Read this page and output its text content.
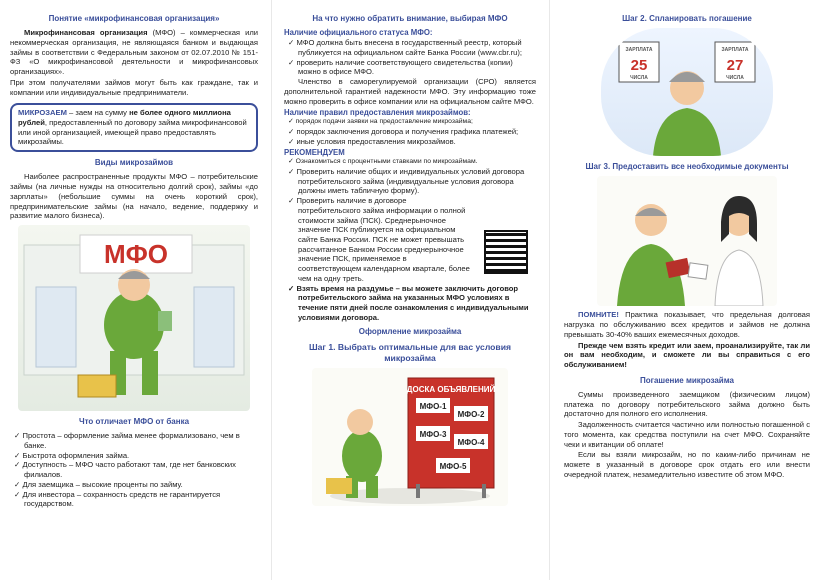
Понятие «микрофинансовая организация»

Микрофинансовая организация (МФО) – коммерческая или некоммерческая организация, не являющаяся банком и выдающая займы в соответствии с Федеральным законом от 02.07.2010 № 151-ФЗ «О микрофинансовой деятельности и микрофинансовых организациях».

При этом получателями займов могут быть как граждане, так и компании или индивидуальные предприниматели.

МИКРОЗАЕМ – заем на сумму не более одного миллиона рублей, предоставленный по договору займа микрофинансовой или иной организацией, имеющей право предоставлять микрозаймы.
Виды микрозаймов

Наиболее распространенные продукты МФО – потребительские займы (на личные нужды на относительно долгий срок), займы «до зарплаты» (небольшие суммы на очень короткий срок), предпринимательские займы (на начало, ведение, поддержку и развитие малого бизнеса).

МФО
Что отличает МФО от банка
✓ Простота – оформление займа менее формализовано, чем в банке.
✓ Быстрота оформления займа.
✓ Доступность – МФО часто работают там, где нет банковских филиалов.
✓ Для заемщика – высокие проценты по займу.
✓ Для инвестора – сохранность средств не гарантируется государством.
На что нужно обратить внимание, выбирая МФО
Наличие официального статуса МФО:
✓ МФО должна быть внесена в государственный реестр, который публикуется на официальном сайте Банка России (www.cbr.ru);
✓ проверить наличие соответствующего свидетельства (копии) можно в офисе МФО.

Членство в саморегулируемой организации (СРО) является дополнительной гарантией надежности МФО. Эту информацию тоже можно проверить в офисе компании или на официальном сайте МФО.

Наличие правил предоставления микрозаймов:
✓ порядок подачи заявки на предоставление микрозайма;
✓ порядок заключения договора и получения графика платежей;
✓ иные условия предоставления микрозаймов.
РЕКОМЕНДУЕМ
✓ Ознакомиться с процентными ставками по микрозаймам.
✓ Проверить наличие общих и индивидуальных условий договора потребительского займа (индивидуальные условия договора должны иметь табличную форму).
✓ Проверить наличие в договоре потребительского займа информации о полной стоимости займа (ПСК). Среднерыночное значение ПСК публикуется на официальном сайте Банка России. ПСК не может превышать рассчитанное Банком России среднерыночное значение ПСК, применяемое в соответствующем календарном квартале, более чем на одну треть.
✓ Взять время на раздумье – вы можете заключить договор потребительского займа на указанных МФО условиях в течение пяти дней после ознакомления с индивидуальными условиями договора.
Оформление микрозайма
Шаг 1. Выбрать оптимальные для вас условия микрозайма
ДОСКА ОБЪЯВЛЕНИЙ
МФО-1
МФО-2
МФО-3
МФО-4
МФО-5
Шаг 2. Спланировать погашение
ЗАРПЛАТА
25
ЧИСЛА
ЗАРПЛАТА
27
ЧИСЛА
Шаг 3. Предоставить все необходимые документы

ПОМНИТЕ! Практика показывает, что предельная долговая нагрузка по обслуживанию всех кредитов и займов не должна превышать 30-40% ваших ежемесячных доходов.

Прежде чем взять кредит или заем, проанализируйте, так ли он вам необходим, и сможете ли вы справиться с его обслуживанием!

Погашение микрозайма

Суммы произведенного заемщиком (физическим лицом) платежа по договору потребительского займа должно быть достаточно для полного его исполнения.

Задолженность считается частично или полностью погашенной с того момента, как средства поступили на счет МФО. Сохраняйте чеки и квитанции об оплате!

Если вы взяли микрозайм, но по каким-либо причинам не можете в указанный в договоре срок отдать его или внести очередной платеж, незамедлительно известите об этом МФО.
